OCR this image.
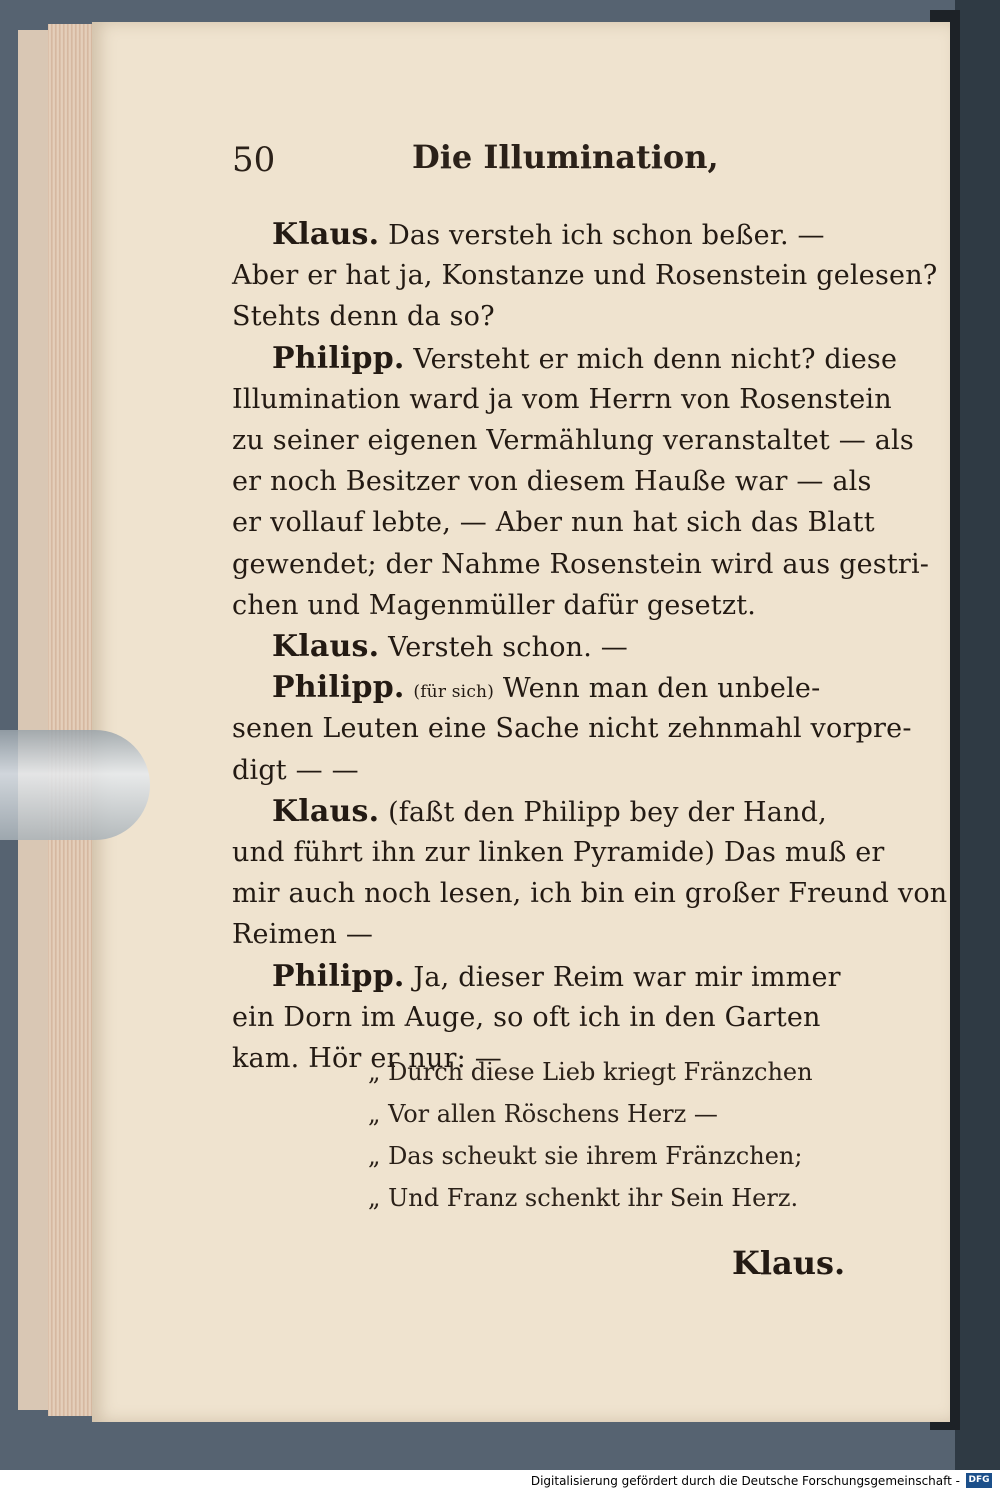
50	Die Illumination,
Klaus. Das versteh ich schon beßer. —
Aber er hat ja, Konstanze und Rosenstein gelesen?
Stehts denn da so?
Philipp. Versteht er mich denn nicht? diese
Illumination ward ja vom Herrn von Rosenstein
zu seiner eigenen Vermählung veranstaltet — als
er noch Besitzer von diesem Hauße war — als
er vollauf lebte, — Aber nun hat sich das Blatt
gewendet; der Nahme Rosenstein wird aus gestri-
chen und Magenmüller dafür gesetzt.
Klaus. Versteh schon. —
Philipp. (für sich) Wenn man den unbele-
senen Leuten eine Sache nicht zehnmahl vorpre-
digt — —
Klaus. (faßt den Philipp bey der Hand,
und führt ihn zur linken Pyramide) Das muß er
mir auch noch lesen, ich bin ein großer Freund von
Reimen —
Philipp. Ja, dieser Reim war mir immer
ein Dorn im Auge, so oft ich in den Garten
kam. Hör er nur: —
„ Durch diese Lieb kriegt Fränzchen
„ Vor allen Röschens Herz —
„ Das scheukt sie ihrem Fränzchen;
„ Und Franz schenkt ihr Sein Herz.
Klaus.
Digitalisierung gefördert durch die Deutsche Forschungsgemeinschaft - DFG
